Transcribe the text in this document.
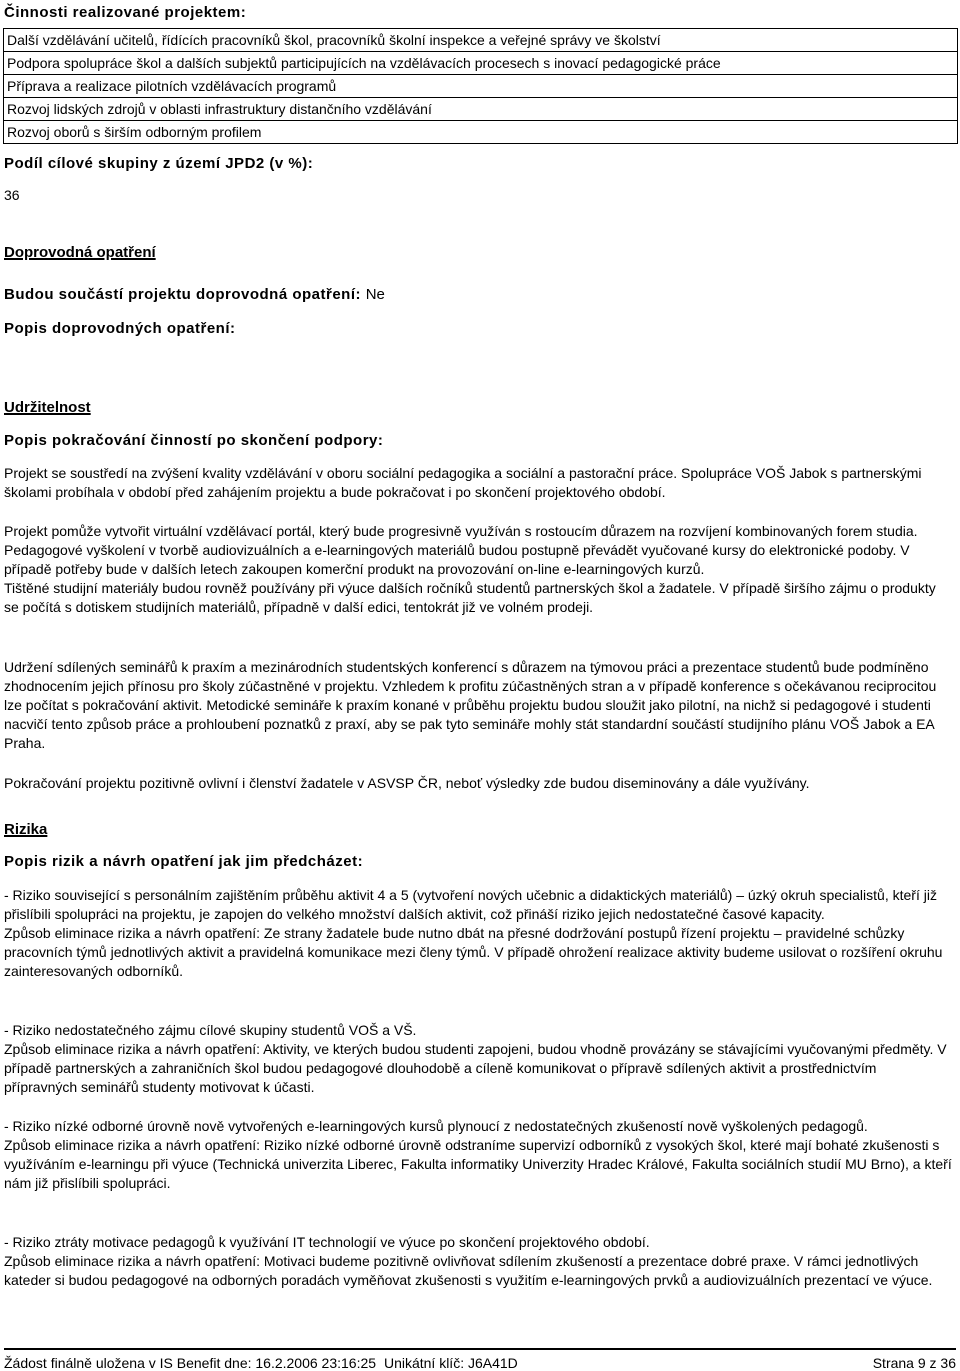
Činnosti realizované projektem:
Další vzdělávání učitelů, řídících pracovníků škol, pracovníků školní inspekce a veřejné správy ve školství
Podpora spolupráce škol a dalších subjektů participujících na vzdělávacích procesech s inovací pedagogické práce
Příprava a realizace pilotních vzdělávacích programů
Rozvoj lidských zdrojů v oblasti infrastruktury distančního vzdělávání
Rozvoj oborů s širším odborným profilem
Podíl cílové skupiny z území JPD2 (v %):
36
Doprovodná opatření
Budou součástí projektu doprovodná opatření: Ne
Popis doprovodných opatření:
Udržitelnost
Popis pokračování činností po skončení podpory:

Projekt se soustředí na zvýšení kvality vzdělávání v oboru sociální pedagogika a sociální a pastorační práce. Spolupráce VOŠ Jabok s partnerskými školami probíhala v období před zahájením projektu a bude pokračovat i po skončení projektového období.

Projekt pomůže vytvořit virtuální vzdělávací portál, který bude progresivně využíván s rostoucím důrazem na rozvíjení kombinovaných forem studia. Pedagogové vyškolení v tvorbě audiovizuálních a e-learningových materiálů budou postupně převádět vyučované kursy do elektronické podoby. V případě potřeby bude v dalších letech zakoupen komerční produkt na provozování on-line e-learningových kurzů.

Tištěné studijní materiály budou rovněž používány při výuce dalších ročníků studentů partnerských škol a žadatele. V případě širšího zájmu o produkty se počítá s dotiskem studijních materiálů, případně v další edici, tentokrát již ve volném prodeji.

Udržení sdílených seminářů k praxím a mezinárodních studentských konferencí s důrazem na týmovou práci a prezentace studentů bude podmíněno zhodnocením jejich přínosu pro školy zúčastněné v projektu. Vzhledem k profitu zúčastněných stran a v případě konference s očekávanou reciprocitou lze počítat s pokračování aktivit. Metodické semináře k praxím konané v průběhu projektu budou sloužit jako pilotní, na nichž si pedagogové i studenti nacvičí tento způsob práce a prohloubení poznatků z praxí, aby se pak tyto semináře mohly stát standardní součástí studijního plánu VOŠ Jabok a EA Praha.

Pokračování projektu pozitivně ovlivní i členství žadatele v ASVSP ČR, neboť výsledky zde budou diseminovány a dále využívány.

Rizika
Popis rizik a návrh opatření jak jim předcházet:

- Riziko související s personálním zajištěním průběhu aktivit 4 a 5 (vytvoření nových učebnic a didaktických materiálů) – úzký okruh specialistů, kteří již přislíbili spolupráci na projektu, je zapojen do velkého množství dalších aktivit, což přináší riziko jejich nedostatečné časové kapacity.

Způsob eliminace rizika a návrh opatření: Ze strany žadatele bude nutno dbát na přesné dodržování postupů řízení projektu – pravidelné schůzky pracovních týmů jednotlivých aktivit a pravidelná komunikace mezi členy týmů. V případě ohrožení realizace aktivity budeme usilovat o rozšíření okruhu zainteresovaných odborníků.

- Riziko nedostatečného zájmu cílové skupiny studentů VOŠ a VŠ.

Způsob eliminace rizika a návrh opatření: Aktivity, ve kterých budou studenti zapojeni, budou vhodně provázány se stávajícími vyučovanými předměty. V případě partnerských a zahraničních škol budou pedagogové dlouhodobě a cíleně komunikovat o přípravě sdílených aktivit a prostřednictvím přípravných seminářů studenty motivovat k účasti.

- Riziko nízké odborné úrovně nově vytvořených e-learningových kursů plynoucí z nedostatečných zkušeností nově vyškolených pedagogů.

Způsob eliminace rizika a návrh opatření: Riziko nízké odborné úrovně odstraníme supervizí odborníků z vysokých škol, které mají bohaté zkušenosti s využíváním e-learningu při výuce (Technická univerzita Liberec, Fakulta informatiky Univerzity Hradec Králové, Fakulta sociálních studií MU Brno), a kteří nám již přislíbili spolupráci.

- Riziko ztráty motivace pedagogů k využívání IT technologií ve výuce po skončení projektového období.

Způsob eliminace rizika a návrh opatření: Motivaci budeme pozitivně ovlivňovat sdílením zkušeností a prezentace dobré praxe. V rámci jednotlivých kateder si budou pedagogové na odborných poradách vyměňovat zkušenosti s využitím e-learningových prvků a audiovizuálních prezentací ve výuce.

Žádost finálně uložena v IS Benefit dne: 16.2.2006 23:16:25 Unikátní klíč: J6A41D	Strana 9 z 36
